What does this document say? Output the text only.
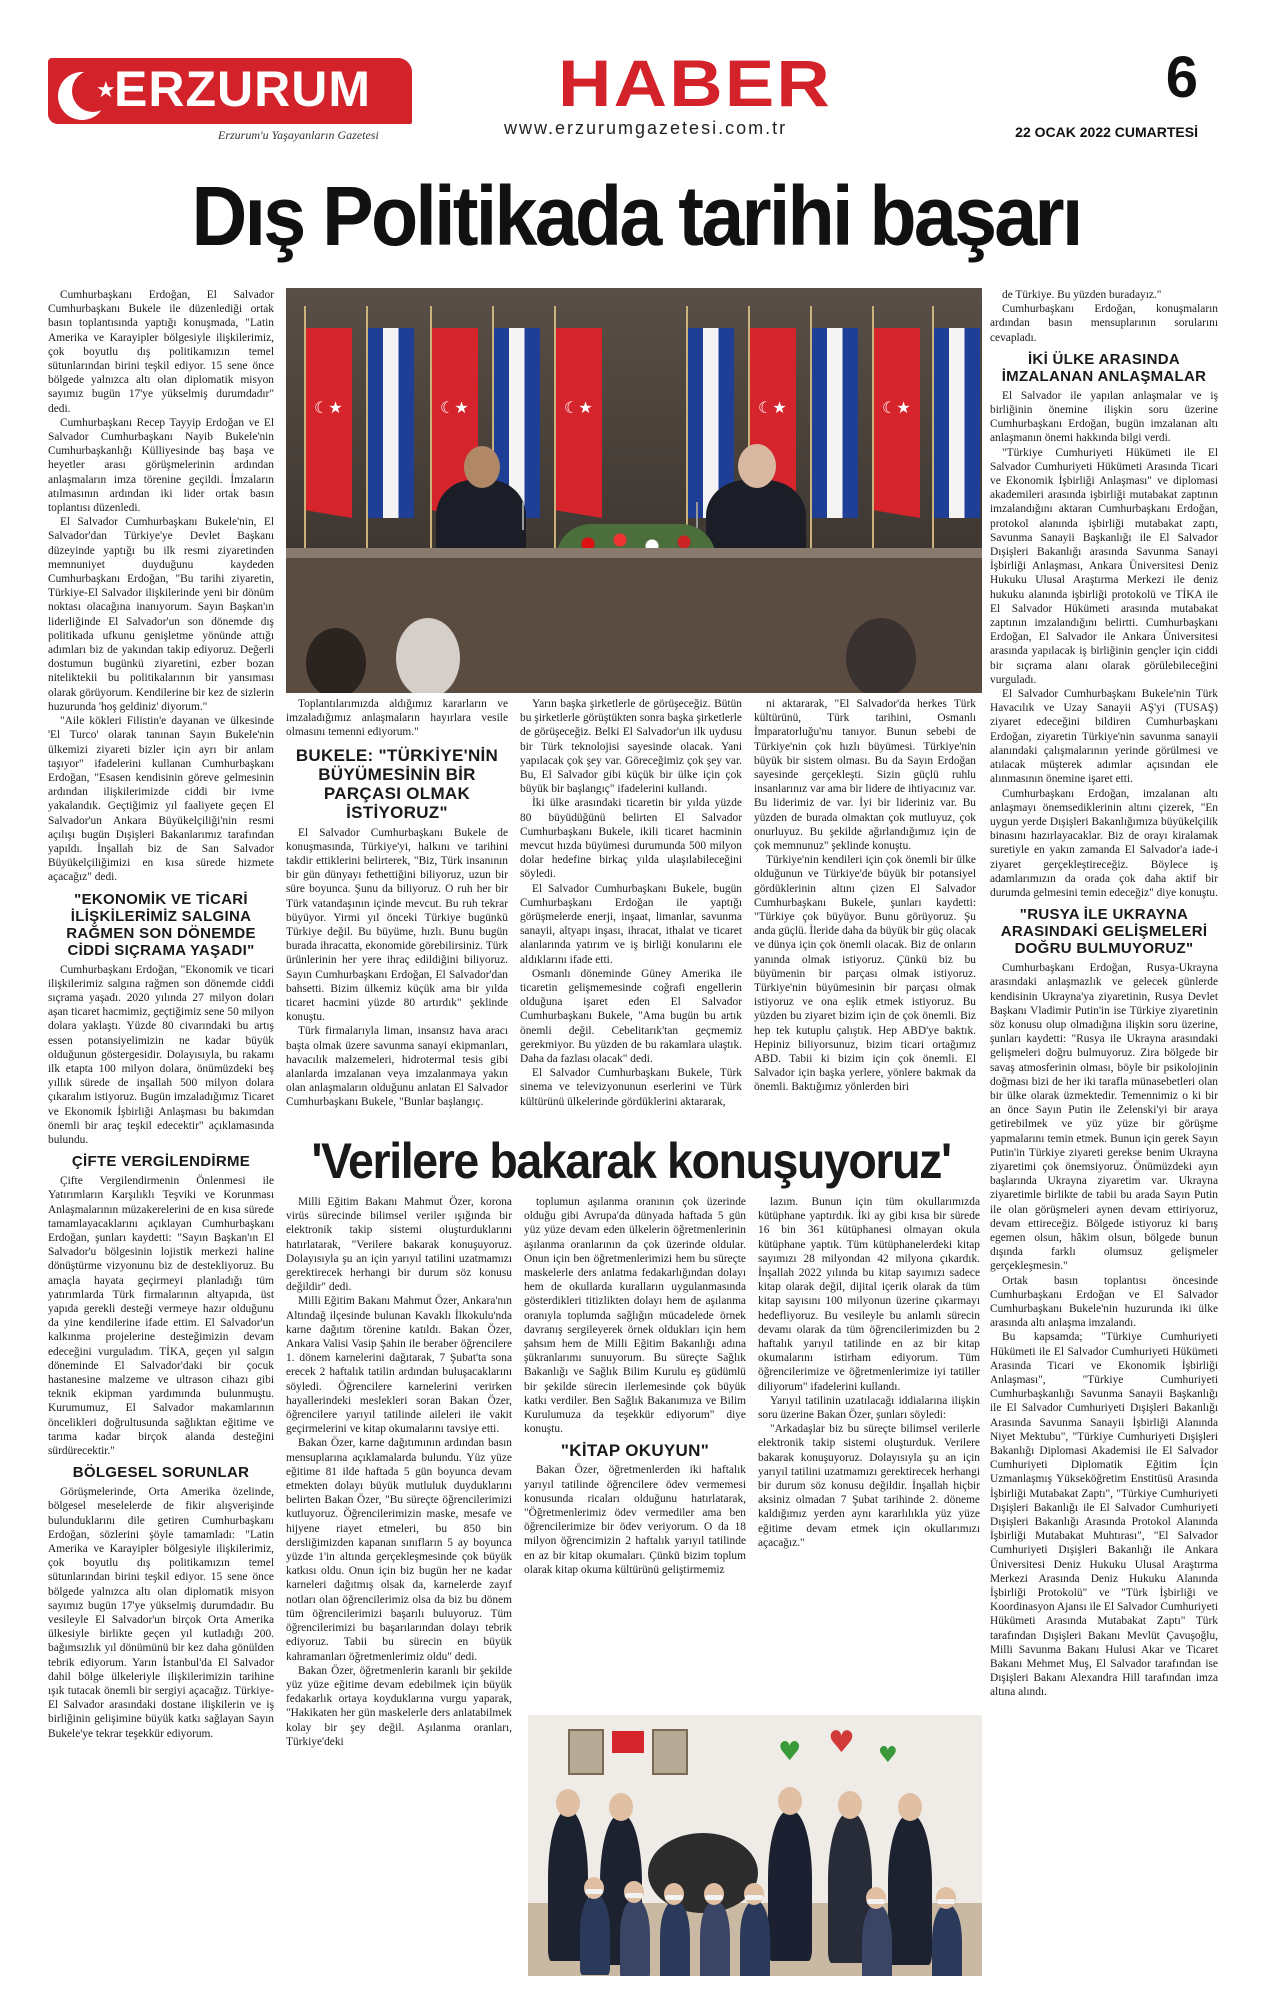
★
ERZURUM
Erzurum'u Yaşayanların Gazetesi
HABER
www.erzurumgazetesi.com.tr
6
22 OCAK 2022 CUMARTESİ
Dış Politikada tarihi başarı

Cumhurbaşkanı Erdoğan, El Salvador Cumhurbaşkanı Bukele ile düzenlediği ortak basın toplantısında yaptığı konuşmada, "Latin Amerika ve Karayipler bölgesiyle ilişkilerimiz, çok boyutlu dış politikamızın temel sütunlarından birini teşkil ediyor. 15 sene önce bölgede yalnızca altı olan diplomatik misyon sayımız bugün 17'ye yükselmiş durumdadır" dedi.

Cumhurbaşkanı Recep Tayyip Erdoğan ve El Salvador Cumhurbaşkanı Nayib Bukele'nin Cumhurbaşkanlığı Külliyesinde baş başa ve heyetler arası görüşmelerinin ardından anlaşmaların imza törenine geçildi. İmzaların atılmasının ardından iki lider ortak basın toplantısı düzenledi.

El Salvador Cumhurbaşkanı Bukele'nin, El Salvador'dan Türkiye'ye Devlet Başkanı düzeyinde yaptığı bu ilk resmi ziyaretinden memnuniyet duyduğunu kaydeden Cumhurbaşkanı Erdoğan, "Bu tarihi ziyaretin, Türkiye-El Salvador ilişkilerinde yeni bir dönüm noktası olacağına inanıyorum. Sayın Başkan'ın liderliğinde El Salvador'un son dönemde dış politikada ufkunu genişletme yönünde attığı adımları biz de yakından takip ediyoruz. Değerli dostumun bugünkü ziyaretini, ezber bozan niteliktekii bu politikalarının bir yansıması olarak görüyorum. Kendilerine bir kez de sizlerin huzurunda 'hoş geldiniz' diyorum."

"Aile kökleri Filistin'e dayanan ve ülkesinde 'El Turco' olarak tanınan Sayın Bukele'nin ülkemizi ziyareti bizler için ayrı bir anlam taşıyor" ifadelerini kullanan Cumhurbaşkanı Erdoğan, "Esasen kendisinin göreve gelmesinin ardından ilişkilerimizde ciddi bir ivme yakalandık. Geçtiğimiz yıl faaliyete geçen El Salvador'un Ankara Büyükelçiliği'nin resmi açılışı bugün Dışişleri Bakanlarımız tarafından yapıldı. İnşallah biz de San Salvador Büyükelçiliğimizi en kısa sürede hizmete açacağız" dedi.

"EKONOMİK VE TİCARİ İLİŞKİLERİMİZ SALGINA RAĞMEN SON DÖNEMDE CİDDİ SIÇRAMA YAŞADI"

Cumhurbaşkanı Erdoğan, "Ekonomik ve ticari ilişkilerimiz salgına rağmen son dönemde ciddi sıçrama yaşadı. 2020 yılında 27 milyon doları aşan ticaret hacmimiz, geçtiğimiz sene 50 milyon dolara yaklaştı. Yüzde 80 civarındaki bu artış essen potansiyelimizin ne kadar büyük olduğunun göstergesidir. Dolayısıyla, bu rakamı ilk etapta 100 milyon dolara, önümüzdeki beş yıllık sürede de inşallah 500 milyon dolara çıkaralım istiyoruz. Bugün imzaladığımız Ticaret ve Ekonomik İşbirliği Anlaşması bu bakımdan önemli bir araç teşkil edecektir" açıklamasında bulundu.

ÇİFTE VERGİLENDİRME

Çifte Vergilendirmenin Önlenmesi ile Yatırımların Karşılıklı Teşviki ve Korunması Anlaşmalarının müzakerelerini de en kısa sürede tamamlayacaklarını açıklayan Cumhurbaşkanı Erdoğan, şunları kaydetti: "Sayın Başkan'ın El Salvador'u bölgesinin lojistik merkezi haline dönüştürme vizyonunu biz de destekliyoruz. Bu amaçla hayata geçirmeyi planladığı tüm yatırımlarda Türk firmalarının altyapıda, üst yapıda gerekli desteği vermeye hazır olduğunu da yine kendilerine ifade ettim. El Salvador'un kalkınma projelerine desteğimizin devam edeceğini vurguladım. TİKA, geçen yıl salgın döneminde El Salvador'daki bir çocuk hastanesine malzeme ve ultrason cihazı gibi teknik ekipman yardımında bulunmuştu. Kurumumuz, El Salvador makamlarının öncelikleri doğrultusunda sağlıktan eğitime ve tarıma kadar birçok alanda desteğini sürdürecektir."

BÖLGESEL SORUNLAR

Görüşmelerinde, Orta Amerika özelinde, bölgesel meselelerde de fikir alışverişinde bulunduklarını dile getiren Cumhurbaşkanı Erdoğan, sözlerini şöyle tamamladı: "Latin Amerika ve Karayipler bölgesiyle ilişkilerimiz, çok boyutlu dış politikamızın temel sütunlarından birini teşkil ediyor. 15 sene önce bölgede yalnızca altı olan diplomatik misyon sayımız bugün 17'ye yükselmiş durumdadır. Bu vesileyle El Salvador'un birçok Orta Amerika ülkesiyle birlikte geçen yıl kutladığı 200. bağımsızlık yıl dönümünü bir kez daha gönülden tebrik ediyorum. Yarın İstanbul'da El Salvador dahil bölge ülkeleriyle ilişkilerimizin tarihine ışık tutacak önemli bir sergiyi açacağız. Türkiye-El Salvador arasındaki dostane ilişkilerin ve iş birliğinin gelişimine büyük katkı sağlayan Sayın Bukele'ye tekrar teşekkür ediyorum.

☾★
☾★
☾★
☾★
☾★

Toplantılarımızda aldığımız kararların ve imzaladığımız anlaşmaların hayırlara vesile olmasını temenni ediyorum."

BUKELE: "TÜRKİYE'NİN BÜYÜMESİNİN BİR PARÇASI OLMAK İSTİYORUZ"

El Salvador Cumhurbaşkanı Bukele de konuşmasında, Türkiye'yi, halkını ve tarihini takdir ettiklerini belirterek, "Biz, Türk insanının bir gün dünyayı fethettiğini biliyoruz, uzun bir süre boyunca. Şunu da biliyoruz. O ruh her bir Türk vatandaşının içinde mevcut. Bu ruh tekrar büyüyor. Yirmi yıl önceki Türkiye bugünkü Türkiye değil. Bu büyüme, hızlı. Bunu bugün burada ihracatta, ekonomide görebilirsiniz. Türk ürünlerinin her yere ihraç edildiğini biliyoruz. Sayın Cumhurbaşkanı Erdoğan, El Salvador'dan bahsetti. Bizim ülkemiz küçük ama bir yılda ticaret hacmini yüzde 80 artırdık" şeklinde konuştu.

Türk firmalarıyla liman, insansız hava aracı başta olmak üzere savunma sanayi ekipmanları, havacılık malzemeleri, hidrotermal tesis gibi alanlarda imzalanan veya imzalanmaya yakın olan anlaşmaların olduğunu anlatan El Salvador Cumhurbaşkanı Bukele, "Bunlar başlangıç.

Yarın başka şirketlerle de görüşeceğiz. Bütün bu şirketlerle görüştükten sonra başka şirketlerle de görüşeceğiz. Belki El Salvador'un ilk uydusu bir Türk teknolojisi sayesinde olacak. Yani yapılacak çok şey var. Göreceğimiz çok şey var. Bu, El Salvador gibi küçük bir ülke için çok büyük bir başlangıç" ifadelerini kullandı.

İki ülke arasındaki ticaretin bir yılda yüzde 80 büyüdüğünü belirten El Salvador Cumhurbaşkanı Bukele, ikili ticaret hacminin mevcut hızda büyümesi durumunda 500 milyon dolar hedefine birkaç yılda ulaşılabileceğini söyledi.

El Salvador Cumhurbaşkanı Bukele, bugün Cumhurbaşkanı Erdoğan ile yaptığı görüşmelerde enerji, inşaat, limanlar, savunma sanayii, altyapı inşası, ihracat, ithalat ve ticaret alanlarında yatırım ve iş birliği konularını ele aldıklarını ifade etti.

Osmanlı döneminde Güney Amerika ile ticaretin gelişmemesinde coğrafi engellerin olduğuna işaret eden El Salvador Cumhurbaşkanı Bukele, "Ama bugün bu artık önemli değil. Cebelitarık'tan geçmemiz gerekmiyor. Bu yüzden de bu rakamlara ulaştık. Daha da fazlası olacak" dedi.

El Salvador Cumhurbaşkanı Bukele, Türk sinema ve televizyonunun eserlerini ve Türk kültürünü ülkelerinde gördüklerini aktararak,

ni aktararak, "El Salvador'da herkes Türk kültürünü, Türk tarihini, Osmanlı İmparatorluğu'nu tanıyor. Bunun sebebi de Türkiye'nin çok hızlı büyümesi. Türkiye'nin büyük bir sistem olması. Bu da Sayın Erdoğan sayesinde gerçekleşti. Sizin güçlü ruhlu insanlarınız var ama bir lidere de ihtiyacınız var. Bu liderimiz de var. İyi bir lideriniz var. Bu yüzden de burada olmaktan çok mutluyuz, çok onurluyuz. Bu şekilde ağırlandığımız için de çok memnunuz" şeklinde konuştu.

Türkiye'nin kendileri için çok önemli bir ülke olduğunun ve Türkiye'de büyük bir potansiyel gördüklerinin altını çizen El Salvador Cumhurbaşkanı Bukele, şunları kaydetti: "Türkiye çok büyüyor. Bunu görüyoruz. Şu anda güçlü. İleride daha da büyük bir güç olacak ve dünya için çok önemli olacak. Biz de onların yanında olmak istiyoruz. Çünkü biz bu büyümenin bir parçası olmak istiyoruz. Türkiye'nin büyümesinin bir parçası olmak istiyoruz ve ona eşlik etmek istiyoruz. Bu yüzden bu ziyaret bizim için de çok önemli. Biz hep tek kutuplu çalıştık. Hep ABD'ye baktık. Hepiniz biliyorsunuz, bizim ticari ortağımız ABD. Tabii ki bizim için çok önemli. El Salvador için başka yerlere, yönlere bakmak da önemli. Baktığımız yönlerden biri

de Türkiye. Bu yüzden buradayız."

Cumhurbaşkanı Erdoğan, konuşmaların ardından basın mensuplarının sorularını cevapladı.

İKİ ÜLKE ARASINDA İMZALANAN ANLAŞMALAR

El Salvador ile yapılan anlaşmalar ve iş birliğinin önemine ilişkin soru üzerine Cumhurbaşkanı Erdoğan, bugün imzalanan altı anlaşmanın önemi hakkında bilgi verdi.

"Türkiye Cumhuriyeti Hükümeti ile El Salvador Cumhuriyeti Hükümeti Arasında Ticari ve Ekonomik İşbirliği Anlaşması" ve diplomasi akademileri arasında işbirliği mutabakat zaptının imzalandığını aktaran Cumhurbaşkanı Erdoğan, protokol alanında işbirliği mutabakat zaptı, Savunma Sanayii Başkanlığı ile El Salvador Dışişleri Bakanlığı arasında Savunma Sanayi İşbirliği Anlaşması, Ankara Üniversitesi Deniz Hukuku Ulusal Araştırma Merkezi ile deniz hukuku alanında işbirliği protokolü ve TİKA ile El Salvador Hükümeti arasında mutabakat zaptının imzalandığını belirtti. Cumhurbaşkanı Erdoğan, El Salvador ile Ankara Üniversitesi arasında yapılacak iş birliğinin gençler için ciddi bir sıçrama alanı olarak görülebileceğini vurguladı.

El Salvador Cumhurbaşkanı Bukele'nin Türk Havacılık ve Uzay Sanayii AŞ'yi (TUSAŞ) ziyaret edeceğini bildiren Cumhurbaşkanı Erdoğan, ziyaretin Türkiye'nin savunma sanayii alanındaki çalışmalarının yerinde görülmesi ve atılacak müşterek adımlar açısından ele alınmasının önemine işaret etti.

Cumhurbaşkanı Erdoğan, imzalanan altı anlaşmayı önemsediklerinin altını çizerek, "En uygun yerde Dışişleri Bakanlığımıza büyükelçilik binasını hazırlayacaklar. Biz de orayı kiralamak suretiyle en yakın zamanda El Salvador'a iade-i ziyaret gerçekleştireceğiz. Böylece iş adamlarımızın da orada çok daha aktif bir durumda gelmesini temin edeceğiz" diye konuştu.

"RUSYA İLE UKRAYNA ARASINDAKİ GELİŞMELERİ DOĞRU BULMUYORUZ"

Cumhurbaşkanı Erdoğan, Rusya-Ukrayna arasındaki anlaşmazlık ve gelecek günlerde kendisinin Ukrayna'ya ziyaretinin, Rusya Devlet Başkanı Vladimir Putin'in ise Türkiye ziyaretinin söz konusu olup olmadığına ilişkin soru üzerine, şunları kaydetti: "Rusya ile Ukrayna arasındaki gelişmeleri doğru bulmuyoruz. Zira bölgede bir savaş atmosferinin olması, böyle bir psikolojinin doğması bizi de her iki tarafla münasebetleri olan bir ülke olarak üzmektedir. Temennimiz o ki bir an önce Sayın Putin ile Zelenski'yi bir araya getirebilmek ve yüz yüze bir görüşme yapmalarını temin etmek. Bunun için gerek Sayın Putin'in Türkiye ziyareti gerekse benim Ukrayna ziyaretimi çok önemsiyoruz. Önümüzdeki ayın başlarında Ukrayna ziyaretim var. Ukrayna ziyaretimle birlikte de tabii bu arada Sayın Putin ile olan görüşmeleri aynen devam ettiriyoruz, devam ettireceğiz. Bölgede istiyoruz ki barış egemen olsun, hâkim olsun, bölgede bunun dışında farklı olumsuz gelişmeler gerçekleşmesin."

Ortak basın toplantısı öncesinde Cumhurbaşkanı Erdoğan ve El Salvador Cumhurbaşkanı Bukele'nin huzurunda iki ülke arasında altı anlaşma imzalandı.

Bu kapsamda; "Türkiye Cumhuriyeti Hükümeti ile El Salvador Cumhuriyeti Hükümeti Arasında Ticari ve Ekonomik İşbirliği Anlaşması", "Türkiye Cumhuriyeti Cumhurbaşkanlığı Savunma Sanayii Başkanlığı ile El Salvador Cumhuriyeti Dışişleri Bakanlığı Arasında Savunma Sanayii İşbirliği Alanında Niyet Mektubu", "Türkiye Cumhuriyeti Dışişleri Bakanlığı Diplomasi Akademisi ile El Salvador Cumhuriyeti Diplomatik Eğitim İçin Uzmanlaşmış Yükseköğretim Enstitüsü Arasında İşbirliği Mutabakat Zaptı", "Türkiye Cumhuriyeti Dışişleri Bakanlığı ile El Salvador Cumhuriyeti Dışişleri Bakanlığı Arasında Protokol Alanında İşbirliği Mutabakat Muhtırası", "El Salvador Cumhuriyeti Dışişleri Bakanlığı ile Ankara Üniversitesi Deniz Hukuku Ulusal Araştırma Merkezi Arasında Deniz Hukuku Alanında İşbirliği Protokolü" ve "Türk İşbirliği ve Koordinasyon Ajansı ile El Salvador Cumhuriyeti Hükümeti Arasında Mutabakat Zaptı" Türk tarafından Dışişleri Bakanı Mevlüt Çavuşoğlu, Milli Savunma Bakanı Hulusi Akar ve Ticaret Bakanı Mehmet Muş, El Salvador tarafından ise Dışişleri Bakanı Alexandra Hill tarafından imza altına alındı.

'Verilere bakarak konuşuyoruz'

Milli Eğitim Bakanı Mahmut Özer, korona virüs sürecinde bilimsel veriler ışığında bir elektronik takip sistemi oluşturduklarını hatırlatarak, "Verilere bakarak konuşuyoruz. Dolayısıyla şu an için yarıyıl tatilini uzatmamızı gerektirecek herhangi bir durum söz konusu değildir" dedi.

Milli Eğitim Bakanı Mahmut Özer, Ankara'nın Altındağ ilçesinde bulunan Kavaklı İlkokulu'nda karne dağıtım törenine katıldı. Bakan Özer, Ankara Valisi Vasip Şahin ile beraber öğrencilere 1. dönem karnelerini dağıtarak, 7 Şubat'ta sona erecek 2 haftalık tatilin ardından buluşacaklarını söyledi. Öğrencilere karnelerini verirken hayallerindeki meslekleri soran Bakan Özer, öğrencilere yarıyıl tatilinde aileleri ile vakit geçirmelerini ve kitap okumalarını tavsiye etti.

Bakan Özer, karne dağıtımının ardından basın mensuplarına açıklamalarda bulundu. Yüz yüze eğitime 81 ilde haftada 5 gün boyunca devam etmekten dolayı büyük mutluluk duyduklarını belirten Bakan Özer, "Bu süreçte öğrencilerimizi kutluyoruz. Öğrencilerimizin maske, mesafe ve hijyene riayet etmeleri, bu 850 bin dersliğimizden kapanan sınıfların 5 ay boyunca yüzde 1'in altında gerçekleşmesinde çok büyük katkısı oldu. Onun için biz bugün her ne kadar karneleri dağıtmış olsak da, karnelerde zayıf notları olan öğrencilerimiz olsa da biz bu dönem tüm öğrencilerimizi başarılı buluyoruz. Tüm öğrencilerimizi bu başarılarından dolayı tebrik ediyoruz. Tabii bu sürecin en büyük kahramanları öğretmenlerimiz oldu" dedi.

Bakan Özer, öğretmenlerin karanlı bir şekilde yüz yüze eğitime devam edebilmek için büyük fedakarlık ortaya koyduklarına vurgu yaparak, "Hakikaten her gün maskelerle ders anlatabilmek kolay bir şey değil. Aşılanma oranları, Türkiye'deki

toplumun aşılanma oranının çok üzerinde olduğu gibi Avrupa'da dünyada haftada 5 gün yüz yüze devam eden ülkelerin öğretmenlerinin aşılanma oranlarının da çok üzerinde oldular. Onun için ben öğretmenlerimizi hem bu süreçte maskelerle ders anlatma fedakarlığından dolayı hem de okullarda kuralların uygulanmasında gösterdikleri titizlikten dolayı hem de aşılanma oranıyla toplumda sağlığın mücadelede örnek davranış sergileyerek örnek oldukları için hem şahsım hem de Milli Eğitim Bakanlığı adına şükranlarımı sunuyorum. Bu süreçte Sağlık Bakanlığı ve Sağlık Bilim Kurulu eş güdümlü bir şekilde sürecin ilerlemesinde çok büyük katkı verdiler. Ben Sağlık Bakanımıza ve Bilim Kurulumuza da teşekkür ediyorum" diye konuştu.

"KİTAP OKUYUN"

Bakan Özer, öğretmenlerden iki haftalık yarıyıl tatilinde öğrencilere ödev vermemesi konusunda ricaları olduğunu hatırlatarak, "Öğretmenlerimiz ödev vermediler ama ben öğrencilerimize bir ödev veriyorum. O da 18 milyon öğrencimizin 2 haftalık yarıyıl tatilinde en az bir kitap okumaları. Çünkü bizim toplum olarak kitap okuma kültürünü geliştirmemiz

lazım. Bunun için tüm okullarımızda kütüphane yaptırdık. İki ay gibi kısa bir sürede 16 bin 361 kütüphanesi olmayan okula kütüphane yaptık. Tüm kütüphanelerdeki kitap sayımızı 28 milyondan 42 milyona çıkardık. İnşallah 2022 yılında bu kitap sayımızı sadece kitap olarak değil, dijital içerik olarak da tüm kitap sayısını 100 milyonun üzerine çıkarmayı hedefliyoruz. Bu vesileyle bu anlamlı sürecin devamı olarak da tüm öğrencilerimizden bu 2 haftalık yarıyıl tatilinde en az bir kitap okumalarını istirham ediyorum. Tüm öğrencilerimize ve öğretmenlerimize iyi tatiller diliyorum" ifadelerini kullandı.

Yarıyıl tatilinin uzatılacağı iddialarına ilişkin soru üzerine Bakan Özer, şunları söyledi:

"Arkadaşlar biz bu süreçte bilimsel verilerle elektronik takip sistemi oluşturduk. Verilere bakarak konuşuyoruz. Dolayısıyla şu an için yarıyıl tatilini uzatmamızı gerektirecek herhangi bir durum söz konusu değildir. İnşallah hiçbir aksiniz olmadan 7 Şubat tarihinde 2. döneme kaldığımız yerden aynı kararlılıkla yüz yüze eğitime devam etmek için okullarımızı açacağız."

♥ ♥ ♥
